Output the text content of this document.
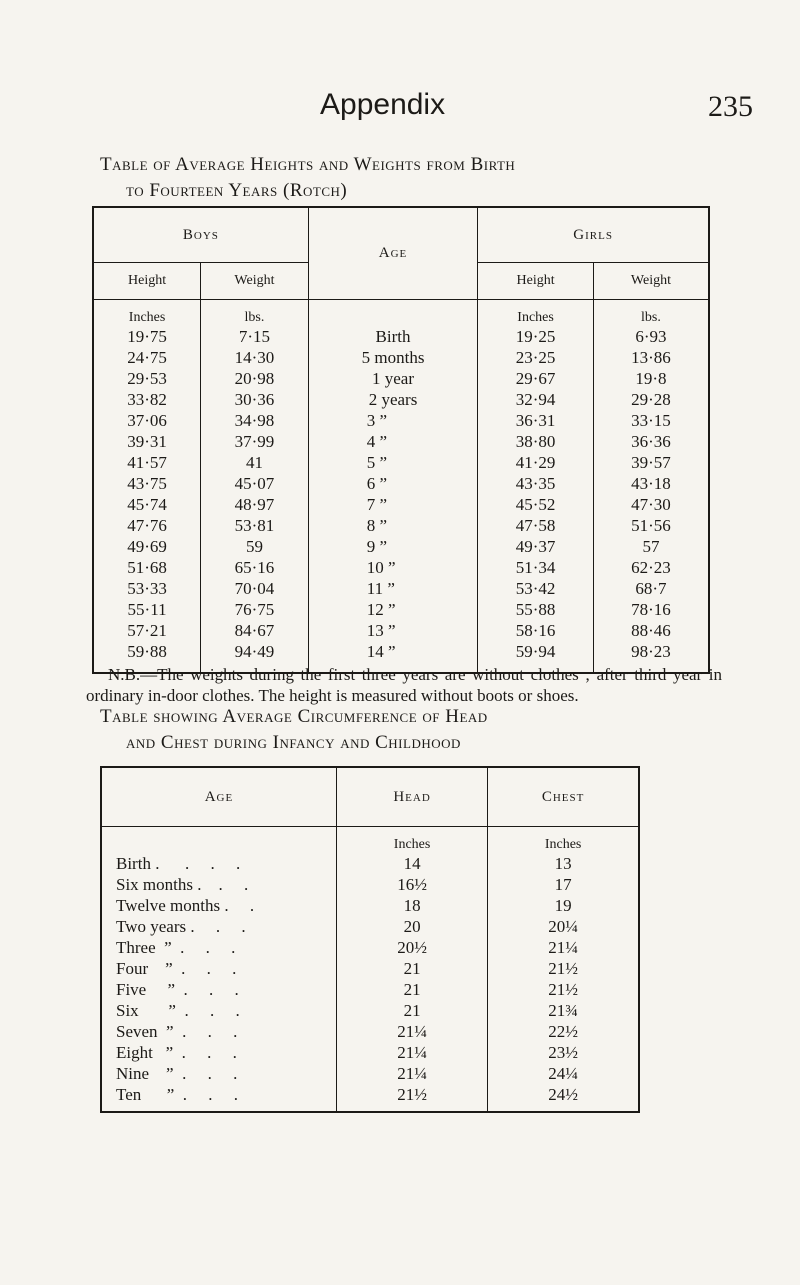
Appendix	235
Table of Average Heights and Weights from Birth
to Fourteen Years (Rotch)
Boys		Age	Girls	
Height	Weight		Height	Weight
Inches	lbs.		Inches	lbs.
19·75	7·15	Birth	19·25	6·93
24·75	14·30	5 months	23·25	13·86
29·53	20·98	1 year	29·67	19·8
33·82	30·36	2 years	32·94	29·28
37·06	34·98	3 ”	36·31	33·15
39·31	37·99	4 ”	38·80	36·36
41·57	41	5 ”	41·29	39·57
43·75	45·07	6 ”	43·35	43·18
45·74	48·97	7 ”	45·52	47·30
47·76	53·81	8 ”	47·58	51·56
49·69	59	9 ”	49·37	57
51·68	65·16	10 ”	51·34	62·23
53·33	70·04	11 ”	53·42	68·7
55·11	76·75	12 ”	55·88	78·16
57·21	84·67	13 ”	58·16	88·46
59·88	94·49	14 ”	59·94	98·23
N.B.—The weights during the first three years are without clothes ; after third year in ordinary in-door clothes. The height is measured without boots or shoes.
Table showing Average Circumference of Head
and Chest during Infancy and Childhood
Age	Head	Chest
	Inches	Inches
Birth .      .     .     .	14	13
Six months .    .     .	16½	17
Twelve months .     .	18	19
Two years .     .     .	20	20¼
Three  ”  .     .     .	20½	21¼
Four    ”  .     .     .	21	21½
Five     ”  .     .     .	21	21½
Six       ”  .     .     .	21	21¾
Seven  ”  .     .     .	21¼	22½
Eight   ”  .     .     .	21¼	23½
Nine    ”  .     .     .	21¼	24¼
Ten      ”  .     .     .	21½	24½
